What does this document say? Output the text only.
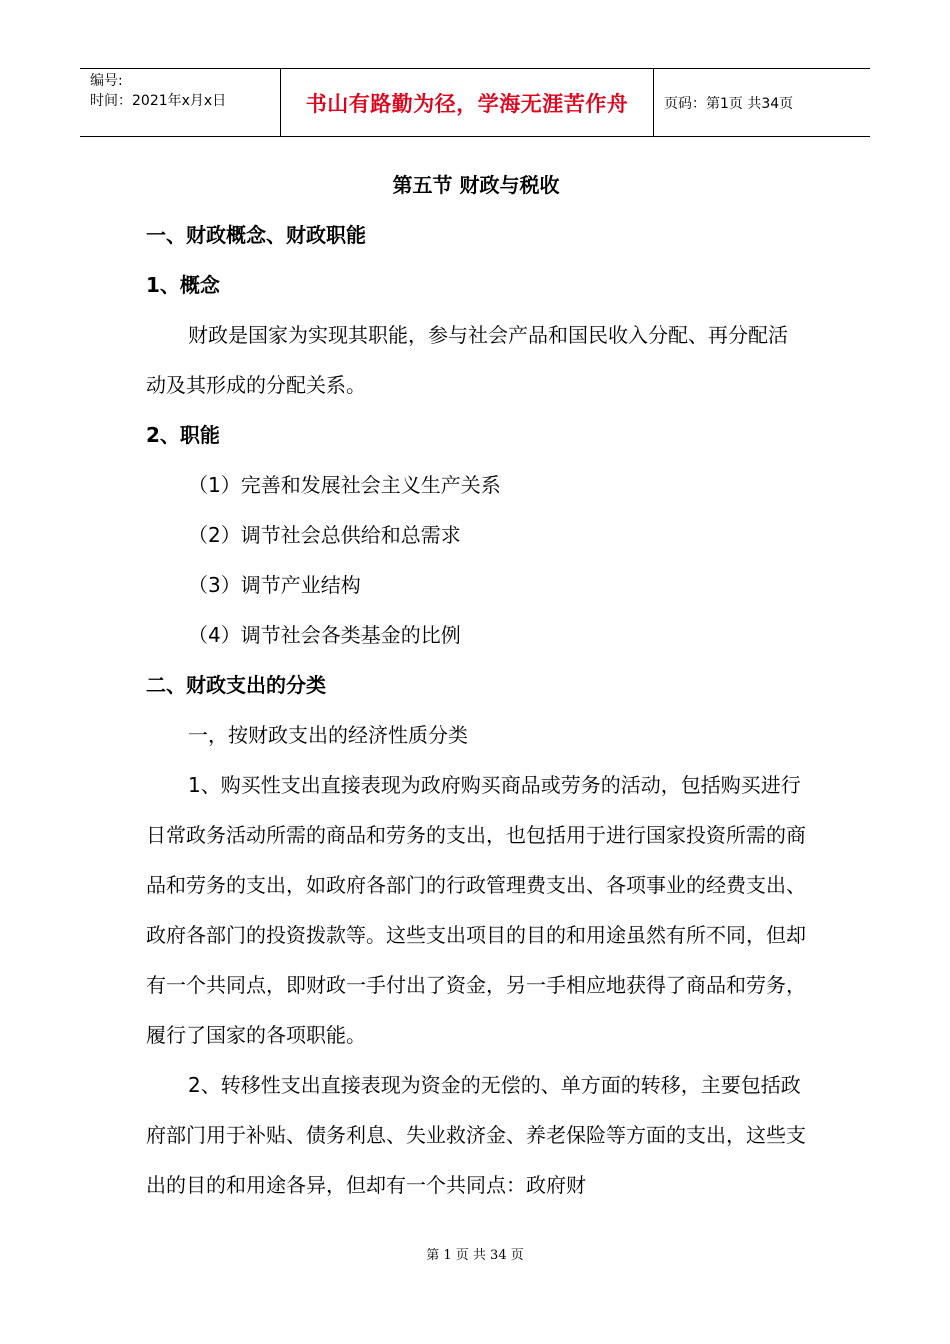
编号:
时间：2021年x月x日	书山有路勤为径，学海无涯苦作舟	页码：第1页 共34页

第五节 财政与税收

一、财政概念、财政职能

1、概念

财政是国家为实现其职能，参与社会产品和国民收入分配、再分配活动及其形成的分配关系。

2、职能

（1）完善和发展社会主义生产关系

（2）调节社会总供给和总需求

（3）调节产业结构

（4）调节社会各类基金的比例

二、财政支出的分类

一，按财政支出的经济性质分类

1、购买性支出直接表现为政府购买商品或劳务的活动，包括购买进行日常政务活动所需的商品和劳务的支出，也包括用于进行国家投资所需的商品和劳务的支出，如政府各部门的行政管理费支出、各项事业的经费支出、政府各部门的投资拨款等。这些支出项目的目的和用途虽然有所不同，但却有一个共同点，即财政一手付出了资金，另一手相应地获得了商品和劳务，履行了国家的各项职能。

2、转移性支出直接表现为资金的无偿的、单方面的转移，主要包括政府部门用于补贴、债务利息、失业救济金、养老保险等方面的支出，这些支出的目的和用途各异，但却有一个共同点：政府财

第 1 页 共 34 页
